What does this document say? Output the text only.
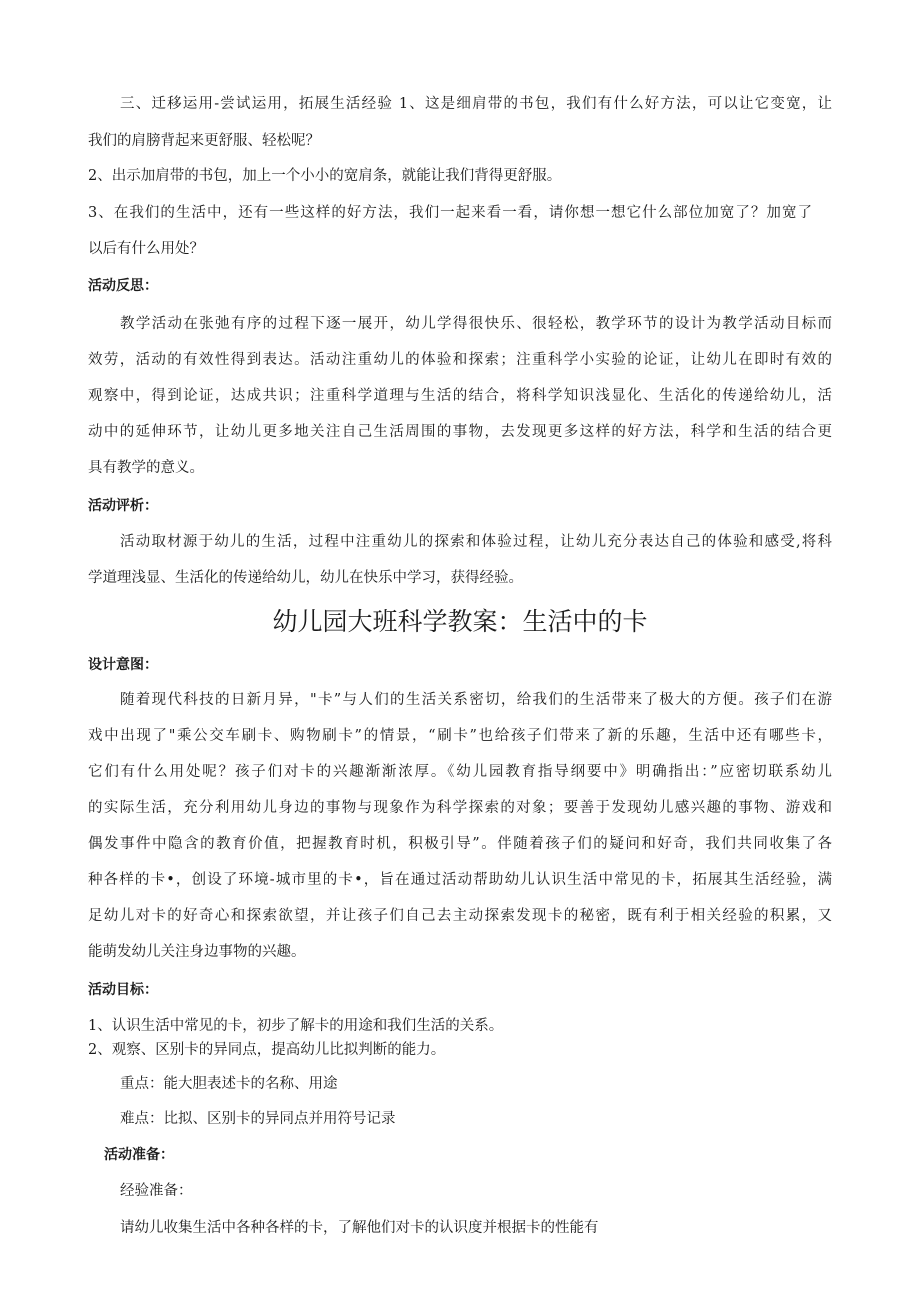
三、迁移运用-尝试运用，拓展生活经验 1、这是细肩带的书包，我们有什么好方法，可以让它变宽，让
我们的肩膀背起来更舒服、轻松呢？
2、出示加肩带的书包，加上一个小小的宽肩条，就能让我们背得更舒服。
3、在我们的生活中，还有一些这样的好方法，我们一起来看一看，请你想一想它什么部位加宽了？加宽了
以后有什么用处？
活动反思：
教学活动在张弛有序的过程下逐一展开，幼儿学得很快乐、很轻松，教学环节的设计为教学活动目标而
效劳，活动的有效性得到表达。活动注重幼儿的体验和探索；注重科学小实验的论证，让幼儿在即时有效的
观察中，得到论证，达成共识；注重科学道理与生活的结合，将科学知识浅显化、生活化的传递给幼儿，活
动中的延伸环节，让幼儿更多地关注自己生活周围的事物，去发现更多这样的好方法，科学和生活的结合更
具有教学的意义。
活动评析：
活动取材源于幼儿的生活，过程中注重幼儿的探索和体验过程，让幼儿充分表达自己的体验和感受,将科
学道理浅显、生活化的传递给幼儿，幼儿在快乐中学习，获得经验。
幼儿园大班科学教案：生活中的卡
设计意图：
随着现代科技的日新月异，"卡”与人们的生活关系密切，给我们的生活带来了极大的方便。孩子们在游
戏中出现了"乘公交车刷卡、购物刷卡”的情景，“刷卡”也给孩子们带来了新的乐趣，生活中还有哪些卡，
它们有什么用处呢？孩子们对卡的兴趣渐渐浓厚。《幼儿园教育指导纲要中》明确指出：”应密切联系幼儿
的实际生活，充分利用幼儿身边的事物与现象作为科学探索的对象；要善于发现幼儿感兴趣的事物、游戏和
偶发事件中隐含的教育价值，把握教育时机，积极引导”。伴随着孩子们的疑问和好奇，我们共同收集了各
种各样的卡•，创设了环境-城市里的卡•，旨在通过活动帮助幼儿认识生活中常见的卡，拓展其生活经验，满
足幼儿对卡的好奇心和探索欲望，并让孩子们自己去主动探索发现卡的秘密，既有利于相关经验的积累，又
能萌发幼儿关注身边事物的兴趣。
活动目标：
1、认识生活中常见的卡，初步了解卡的用途和我们生活的关系。
2、观察、区别卡的异同点，提高幼儿比拟判断的能力。
重点：能大胆表述卡的名称、用途
难点：比拟、区别卡的异同点并用符号记录
活动准备：
经验准备：
请幼儿收集生活中各种各样的卡，了解他们对卡的认识度并根据卡的性能有
